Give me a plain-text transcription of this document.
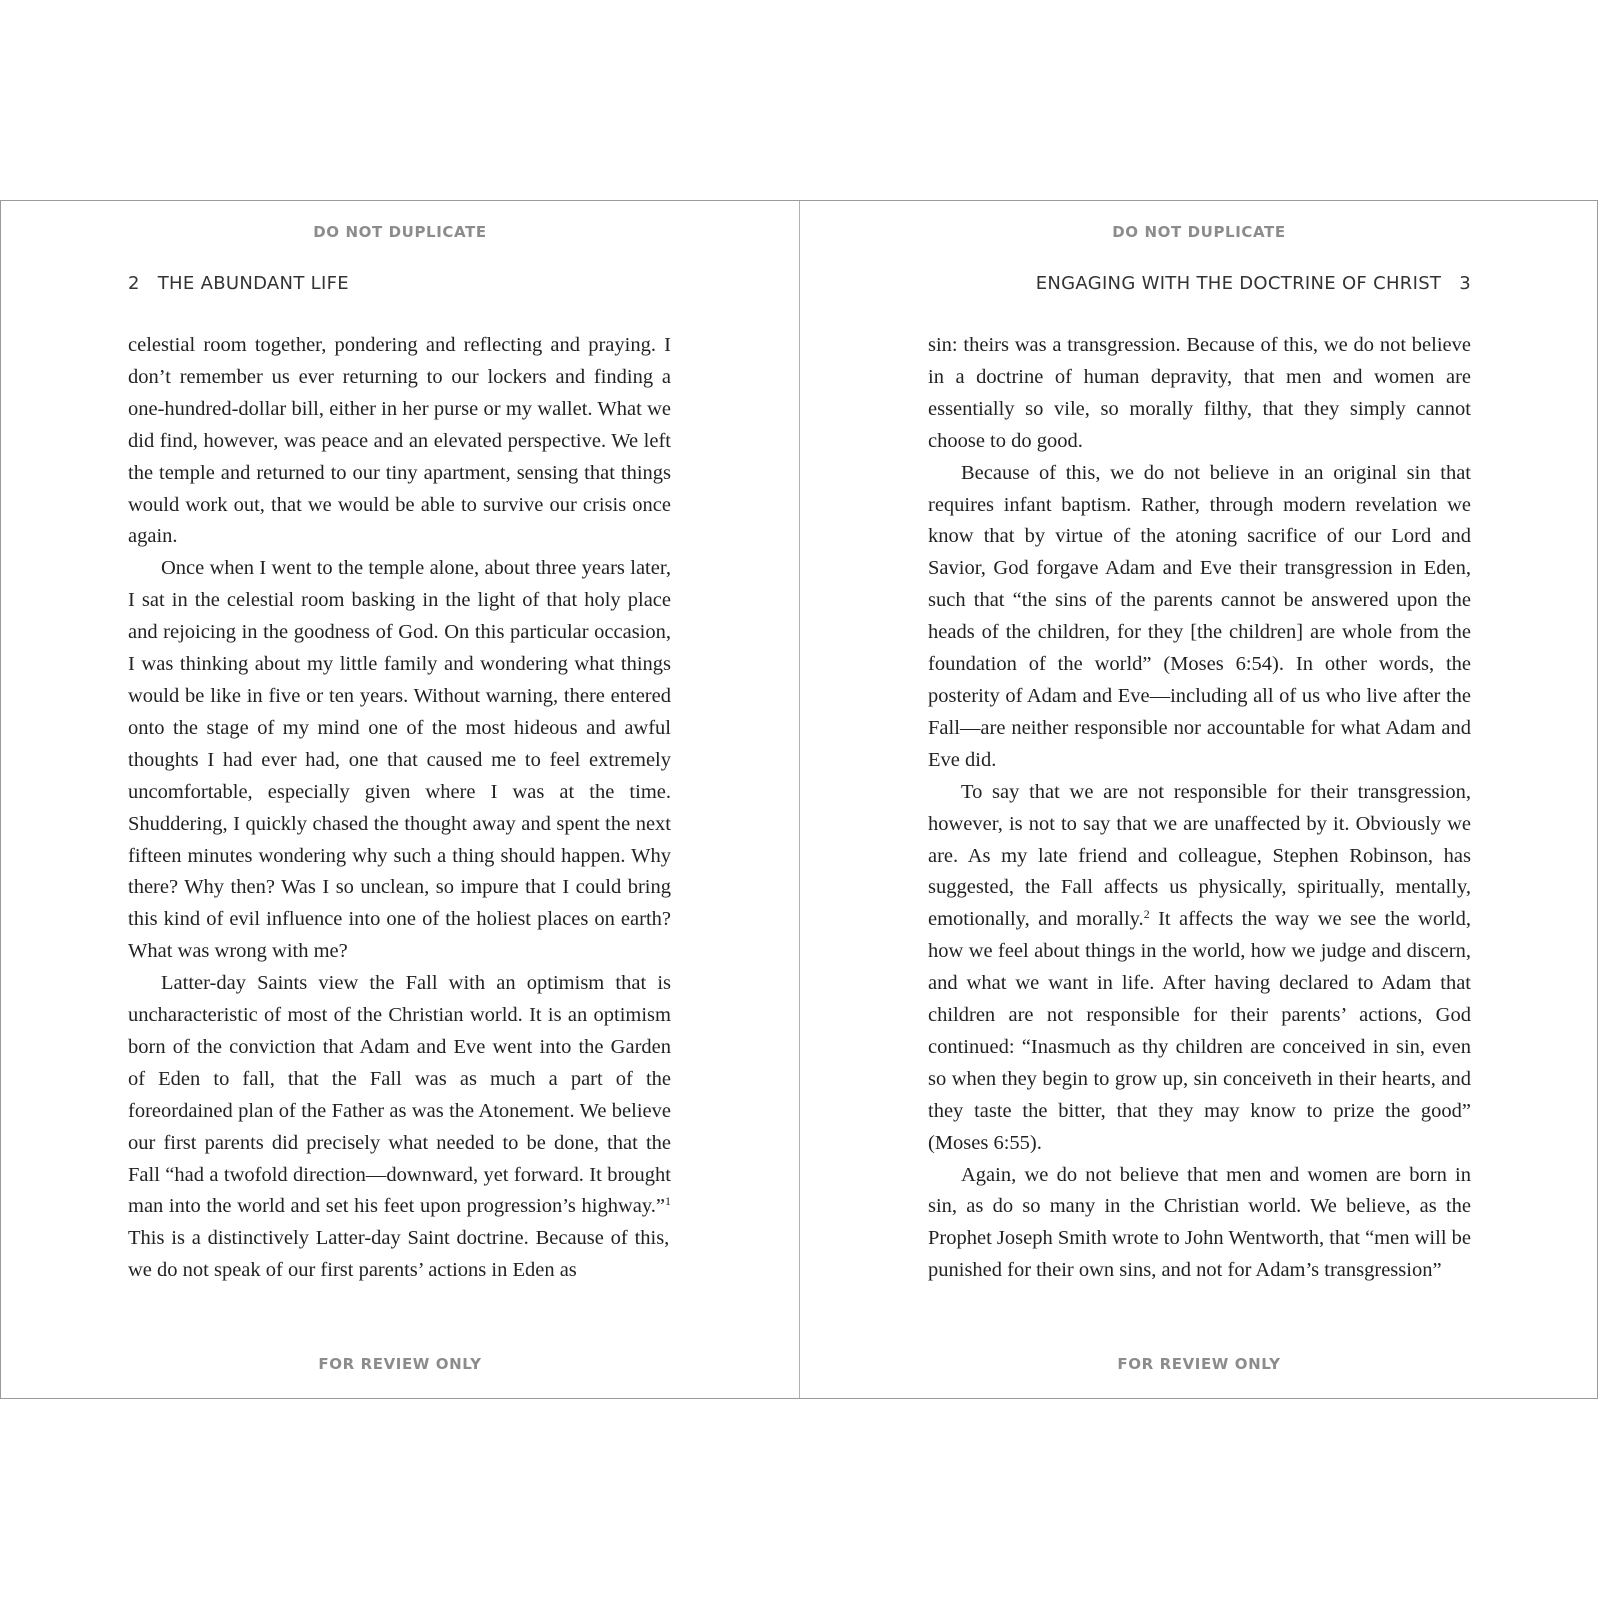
DO NOT DUPLICATE
2 THE ABUNDANT LIFE

celestial room together, pondering and reflecting and praying. I don’t remember us ever returning to our lockers and finding a one-hundred-dollar bill, either in her purse or my wallet. What we did find, however, was peace and an elevated perspective. We left the temple and returned to our tiny apartment, sensing that things would work out, that we would be able to survive our crisis once again.

Once when I went to the temple alone, about three years later, I sat in the celestial room basking in the light of that holy place and rejoicing in the goodness of God. On this particular occasion, I was thinking about my little family and wondering what things would be like in five or ten years. Without warning, there entered onto the stage of my mind one of the most hideous and awful thoughts I had ever had, one that caused me to feel extremely uncomfortable, especially given where I was at the time. Shuddering, I quickly chased the thought away and spent the next fifteen minutes wondering why such a thing should happen. Why there? Why then? Was I so unclean, so impure that I could bring this kind of evil influence into one of the holiest places on earth? What was wrong with me?

Latter-day Saints view the Fall with an optimism that is uncharacteristic of most of the Christian world. It is an optimism born of the conviction that Adam and Eve went into the Garden of Eden to fall, that the Fall was as much a part of the foreordained plan of the Father as was the Atonement. We believe our first parents did precisely what needed to be done, that the Fall “had a twofold direction—downward, yet forward. It brought man into the world and set his feet upon progression’s highway.”$^1$ This is a distinctively Latter-day Saint doctrine. Because of this, we do not speak of our first parents’ actions in Eden as

FOR REVIEW ONLY
DO NOT DUPLICATE
ENGAGING WITH THE DOCTRINE OF CHRIST 3

sin: theirs was a transgression. Because of this, we do not believe in a doctrine of human depravity, that men and women are essentially so vile, so morally filthy, that they simply cannot choose to do good.

Because of this, we do not believe in an original sin that requires infant baptism. Rather, through modern revelation we know that by virtue of the atoning sacrifice of our Lord and Savior, God forgave Adam and Eve their transgression in Eden, such that “the sins of the parents cannot be answered upon the heads of the children, for they [the children] are whole from the foundation of the world” (Moses 6:54). In other words, the posterity of Adam and Eve—including all of us who live after the Fall—are neither responsible nor accountable for what Adam and Eve did.

To say that we are not responsible for their transgression, however, is not to say that we are unaffected by it. Obviously we are. As my late friend and colleague, Stephen Robinson, has suggested, the Fall affects us physically, spiritually, mentally, emotionally, and morally.$^2$ It affects the way we see the world, how we feel about things in the world, how we judge and discern, and what we want in life. After having declared to Adam that children are not responsible for their parents’ actions, God continued: “Inasmuch as thy children are conceived in sin, even so when they begin to grow up, sin conceiveth in their hearts, and they taste the bitter, that they may know to prize the good” (Moses 6:55).

Again, we do not believe that men and women are born in sin, as do so many in the Christian world. We believe, as the Prophet Joseph Smith wrote to John Wentworth, that “men will be punished for their own sins, and not for Adam’s transgression”

FOR REVIEW ONLY
